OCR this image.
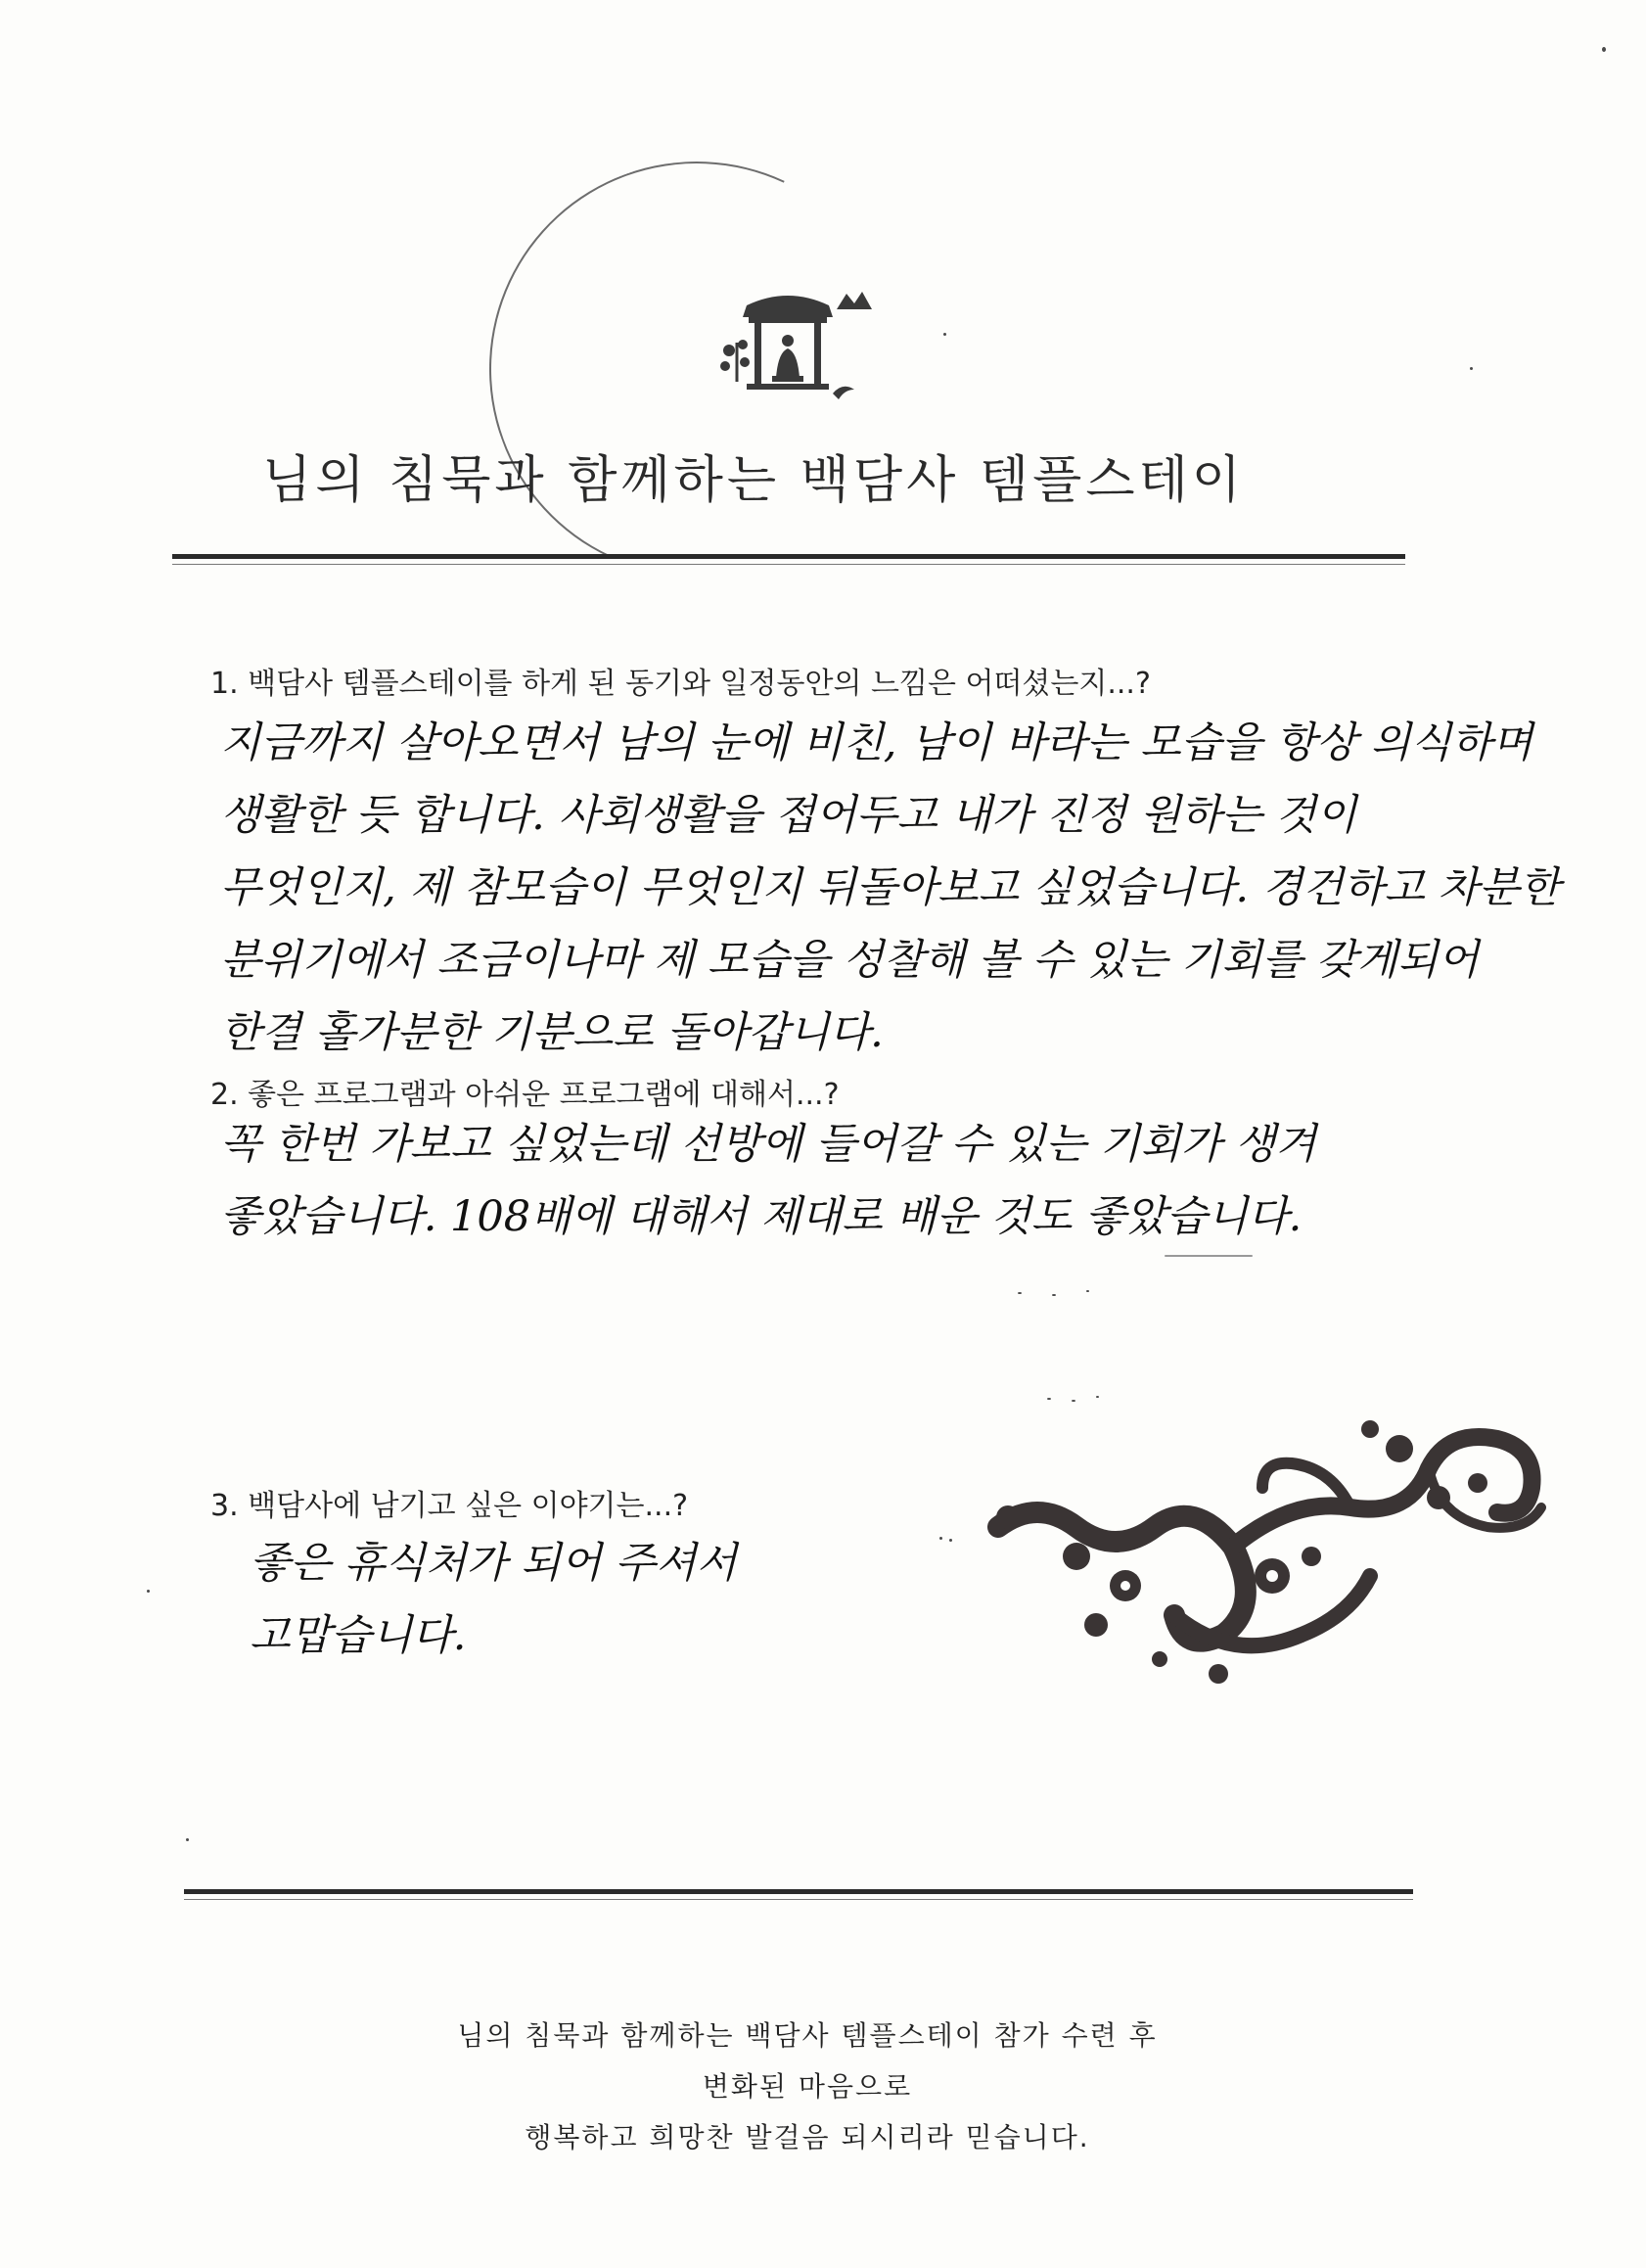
님의 침묵과 함께하는 백담사 템플스테이
1. 백담사 템플스테이를 하게 된 동기와 일정동안의 느낌은 어떠셨는지...?
지금까지 살아오면서 남의 눈에 비친, 남이 바라는 모습을 항상 의식하며
생활한 듯 합니다. 사회생활을 접어두고 내가 진정 원하는 것이
무엇인지, 제 참모습이 무엇인지 뒤돌아보고 싶었습니다. 경건하고 차분한
분위기에서 조금이나마 제 모습을 성찰해 볼 수 있는 기회를 갖게되어
한결 홀가분한 기분으로 돌아갑니다.
2. 좋은 프로그램과 아쉬운 프로그램에 대해서...?
꼭 한번 가보고 싶었는데 선방에 들어갈 수 있는 기회가 생겨
좋았습니다. 108배에 대해서 제대로 배운 것도 좋았습니다.
3. 백담사에 남기고 싶은 이야기는...?
좋은 휴식처가 되어 주셔서
고맙습니다.
님의 침묵과 함께하는 백담사 템플스테이 참가 수련 후
변화된 마음으로
행복하고 희망찬 발걸음 되시리라 믿습니다.
